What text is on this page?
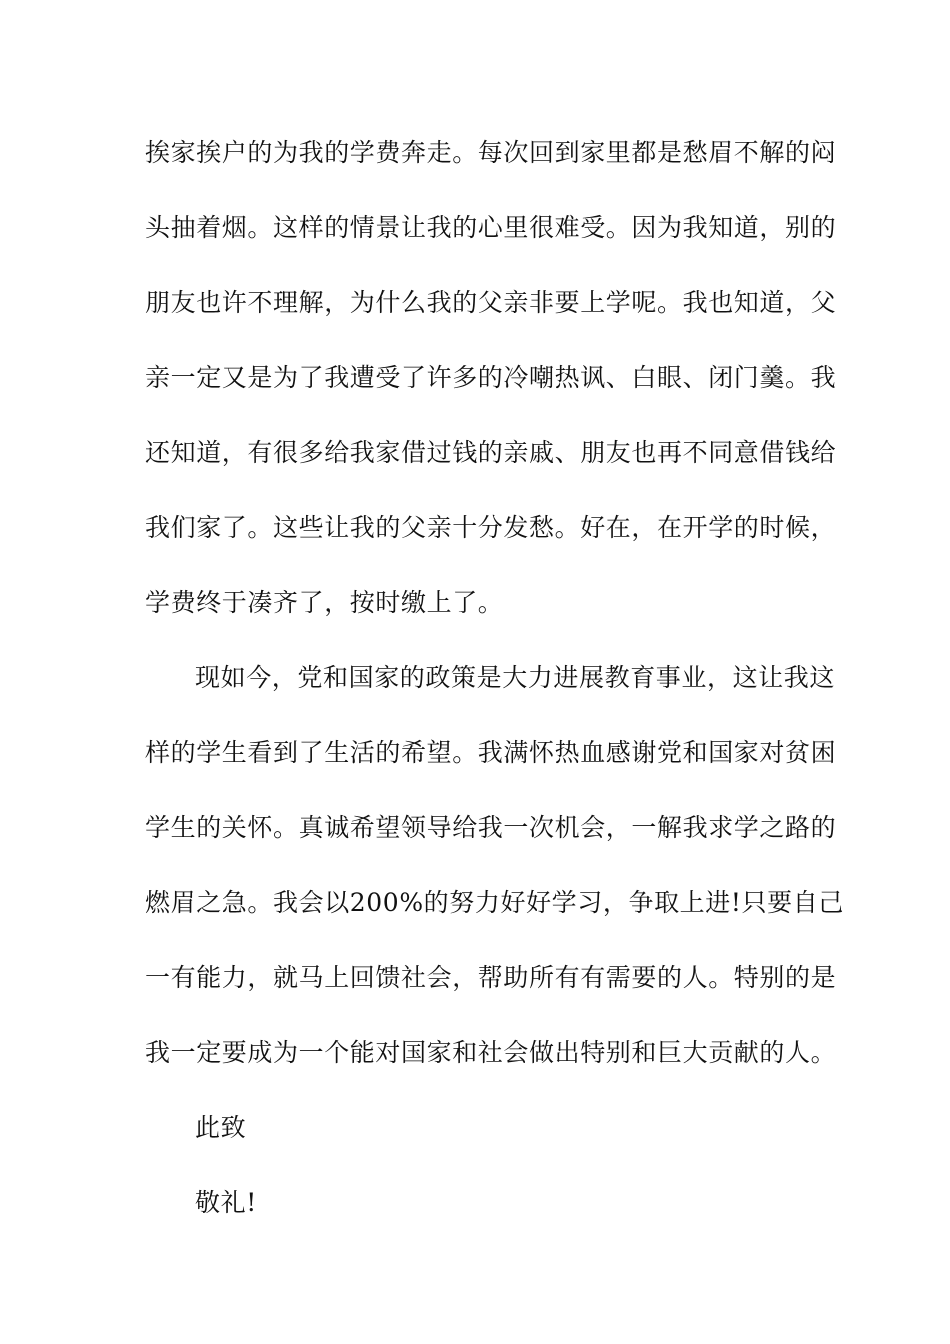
挨家挨户的为我的学费奔走。每次回到家里都是愁眉不解的闷
头抽着烟。这样的情景让我的心里很难受。因为我知道，别的
朋友也许不理解，为什么我的父亲非要上学呢。我也知道，父
亲一定又是为了我遭受了许多的冷嘲热讽、白眼、闭门羹。我
还知道，有很多给我家借过钱的亲戚、朋友也再不同意借钱给
我们家了。这些让我的父亲十分发愁。好在，在开学的时候，
学费终于凑齐了，按时缴上了。
现如今，党和国家的政策是大力进展教育事业，这让我这
样的学生看到了生活的希望。我满怀热血感谢党和国家对贫困
学生的关怀。真诚希望领导给我一次机会，一解我求学之路的
燃眉之急。我会以200%的努力好好学习，争取上进!只要自己
一有能力，就马上回馈社会，帮助所有有需要的人。特别的是
我一定要成为一个能对国家和社会做出特别和巨大贡献的人。
此致
敬礼!
